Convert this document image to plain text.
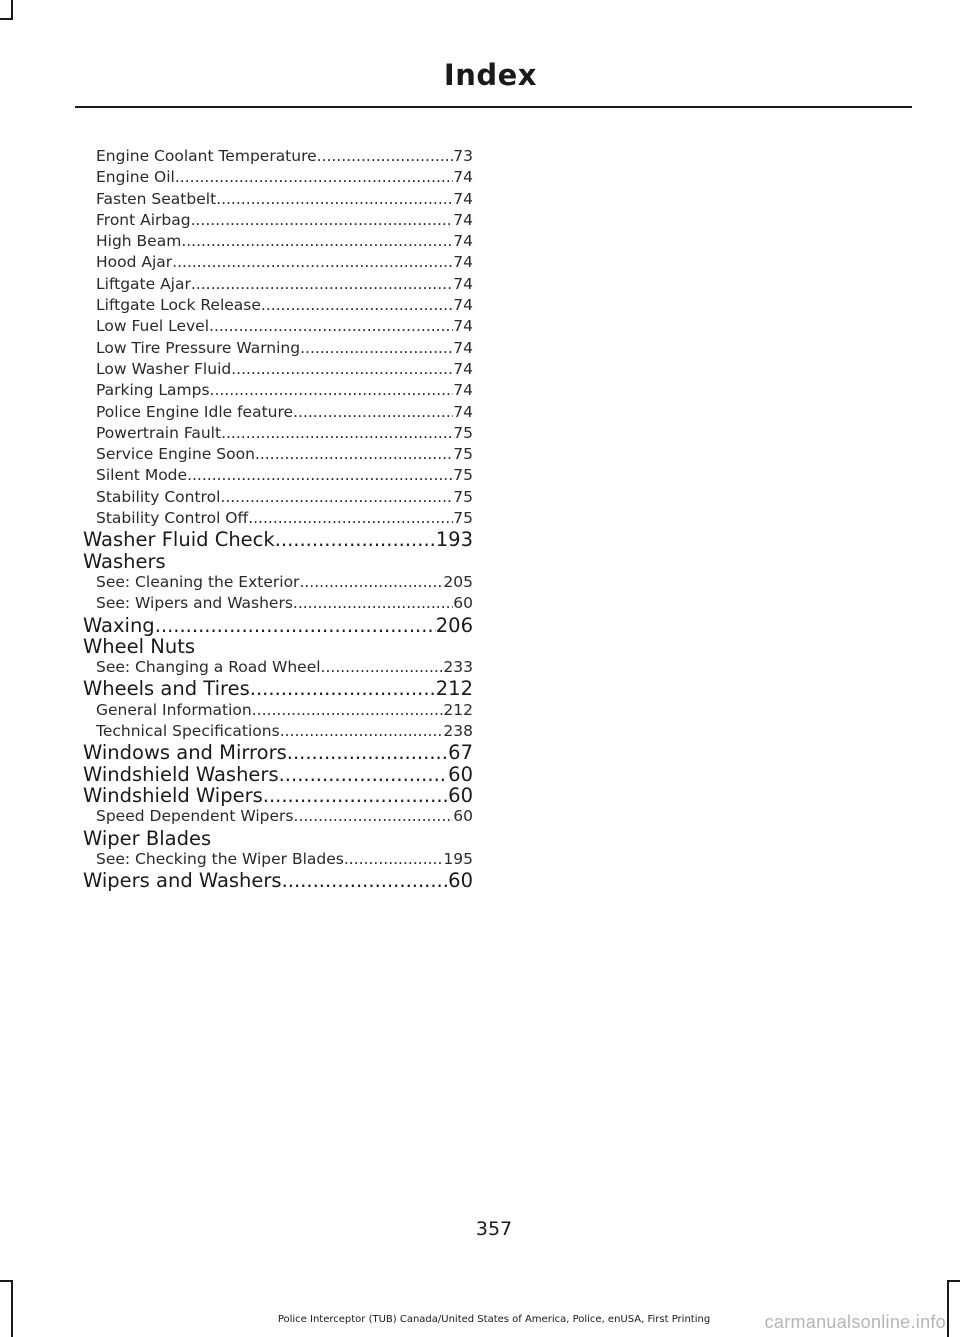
Index
Engine Coolant Temperature .....	73
Engine Oil .....	74
Fasten Seatbelt .....	74
Front Airbag .....	74
High Beam .....	74
Hood Ajar .....	74
Liftgate Ajar .....	74
Liftgate Lock Release .....	74
Low Fuel Level .....	74
Low Tire Pressure Warning .....	74
Low Washer Fluid .....	74
Parking Lamps .....	74
Police Engine Idle feature .....	74
Powertrain Fault .....	75
Service Engine Soon .....	75
Silent Mode .....	75
Stability Control .....	75
Stability Control Off .....	75
Washer Fluid Check .....	193
Washers
See: Cleaning the Exterior .....	205
See: Wipers and Washers .....	60
Waxing .....	206
Wheel Nuts
See: Changing a Road Wheel .....	233
Wheels and Tires .....	212
General Information .....	212
Technical Specifications .....	238
Windows and Mirrors .....	67
Windshield Washers .....	60
Windshield Wipers .....	60
Speed Dependent Wipers .....	60
Wiper Blades
See: Checking the Wiper Blades .....	195
Wipers and Washers .....	60
357
Police Interceptor (TUB) Canada/United States of America, Police, enUSA, First Printing	carmanualsonline.info
